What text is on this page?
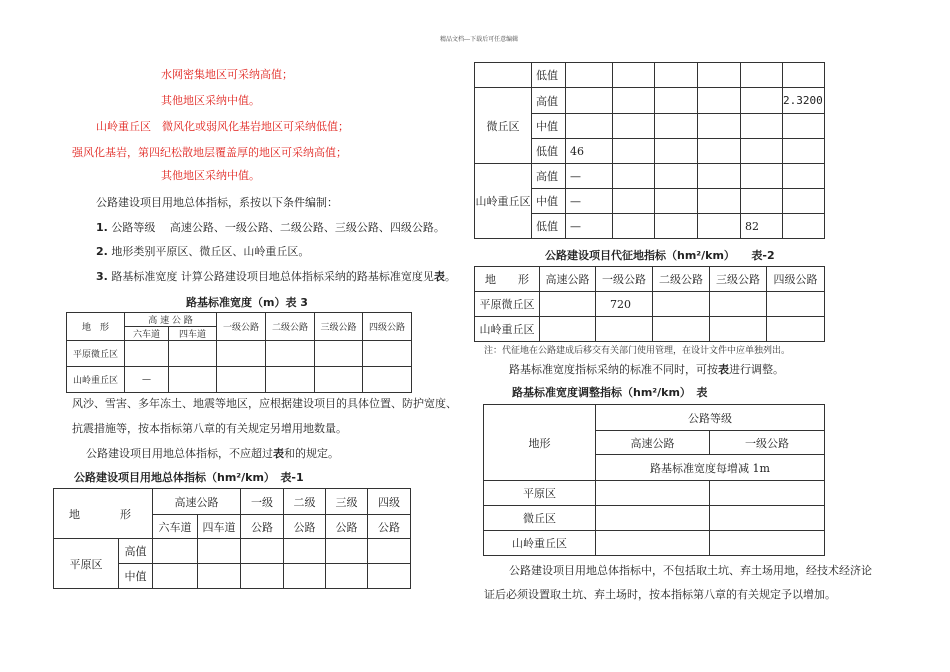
精品文档---下载后可任意编辑
水网密集地区可采纳高值；
其他地区采纳中值。
山岭重丘区　微风化或弱风化基岩地区可采纳低值；
强风化基岩，第四纪松散地层覆盖厚的地区可采纳高值；
其他地区采纳中值。
公路建设项目用地总体指标，系按以下条件编制：
1. 公路等级　 高速公路、一级公路、二级公路、三级公路、四级公路。
2. 地形类别平原区、微丘区、山岭重丘区。
3. 路基标准宽度 计算公路建设项目地总体指标采纳的路基标准宽度见表。
路基标准宽度（m）表 3
地　形	高 速 公 路		一级公路	二级公路	三级公路	四级公路
	六车道	四车道				
平原微丘区						
山岭重丘区	—					
风沙、雪害、多年冻土、地震等地区，应根据建设项目的具体位置、防护宽度、
抗震措施等，按本指标第八章的有关规定另增用地数量。
公路建设项目用地总体指标，不应超过表和的规定。
公路建设项目用地总体指标（hm²/km）　表-1
地　　形		高速公路		一级	二级	三级	四级
		六车道	四车道	公路	公路	公路	公路
平原区	高值						
	中值						
	低值						
微丘区	高值						2.3200
	中值						
	低值	46					
山岭重丘区	高值	—					
	中值	—					
	低值	—				82	
公路建设项目代征地指标（hm²/km）　　表-2
地　　形	高速公路	一级公路	二级公路	三级公路	四级公路
平原微丘区		720			
山岭重丘区					
注：代征地在公路建成后移交有关部门使用管理，在设计文件中应单独列出。
路基标准宽度指标采纳的标准不同时，可按表进行调整。
路基标准宽度调整指标（hm²/km）　表
地形	公路等级	
	高速公路	一级公路
	路基标准宽度每增减 1m	
平原区		
微丘区		
山岭重丘区		
公路建设项目用地总体指标中，不包括取土坑、弃土场用地，经技术经济论
证后必须设置取土坑、弃土场时，按本指标第八章的有关规定予以增加。
